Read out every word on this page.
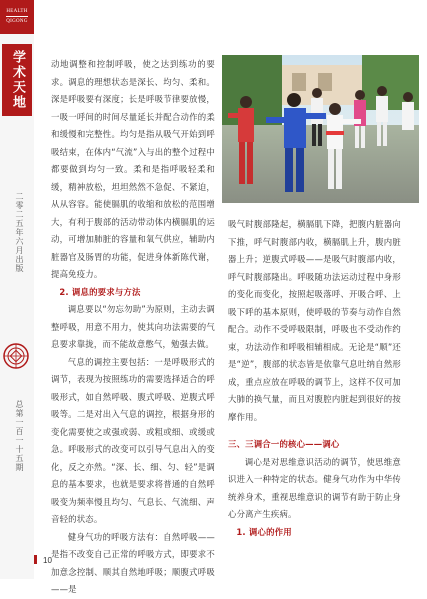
HEALTH
QIGONG
学术天地
二零二五年六月出版
总第一百一十五期

动地调整和控制呼吸，使之达到练功的要求。调息的理想状态是深长、均匀、柔和。深是呼吸要有深度；长是呼吸节律要放慢，一吸一呼间的时间尽量延长并配合动作的柔和缓慢和完整性。均匀是指从吸气开始到呼吸结束，在体内“气流”入与出的整个过程中都要做到均匀一致。柔和是指呼吸轻柔和缓，精神放松，坦坦然然不急促、不紧迫，从从容容。能使膈肌的收缩和放松的范围增大，有利于腹部的活动带动体内横膈肌的运动，可增加肺脏的容量和氧气供应，辅助内脏器官及肠胃的功能，促进身体新陈代谢，提高免疫力。

2. 调息的要求与方法

调息要以“勿忘勿助”为原则，主动去调整呼吸，用意不用力，使其向功法需要的气息要求靠拢，而不能故意憋气，勉强去做。

气息的调控主要包括：一是呼吸形式的调节，表现为按照练功的需要选择适合的呼吸形式，如自然呼吸、腹式呼吸、逆腹式呼吸等。二是对出入气息的调控，根据身形的变化需要使之或强或弱、或粗或细、或缓或急。呼吸形式的改变可以引导气息出入的变化，反之亦然。“深、长、细、匀、轻”是调息的基本要求，也就是要求将普通的自然呼吸变为频率慢且均匀、气息长、气流细、声音轻的状态。

健身气功的呼吸方法有：自然呼吸——是指不改变自己正常的呼吸方式，即要求不加意念控制、顺其自然地呼吸；顺腹式呼吸——是

吸气时腹部隆起，横膈肌下降，把腹内脏器向下推，呼气时腹部内收，横膈肌上升，腹内脏器上升；逆腹式呼吸——是吸气时腹部内收，呼气时腹部隆出。呼吸随功法运动过程中身形的变化而变化，按照起吸落呼、开吸合呼、上吸下呼的基本原则，使呼吸的节奏与动作自然配合。动作不受呼吸限制，呼吸也不受动作约束，功法动作和呼吸相辅相成。无论是“顺”还是“逆”，腹部的状态皆是依靠气息吐纳自然形成，重点应放在呼吸的调节上，这样不仅可加大肺的换气量，而且对腹腔内脏起到很好的按摩作用。

三、三调合一的核心——调心

调心是对思维意识活动的调节，使思维意识进入一种特定的状态。健身气功作为中华传统养身术，重视思维意识的调节有助于防止身心分离产生疾病。

1. 调心的作用
10
